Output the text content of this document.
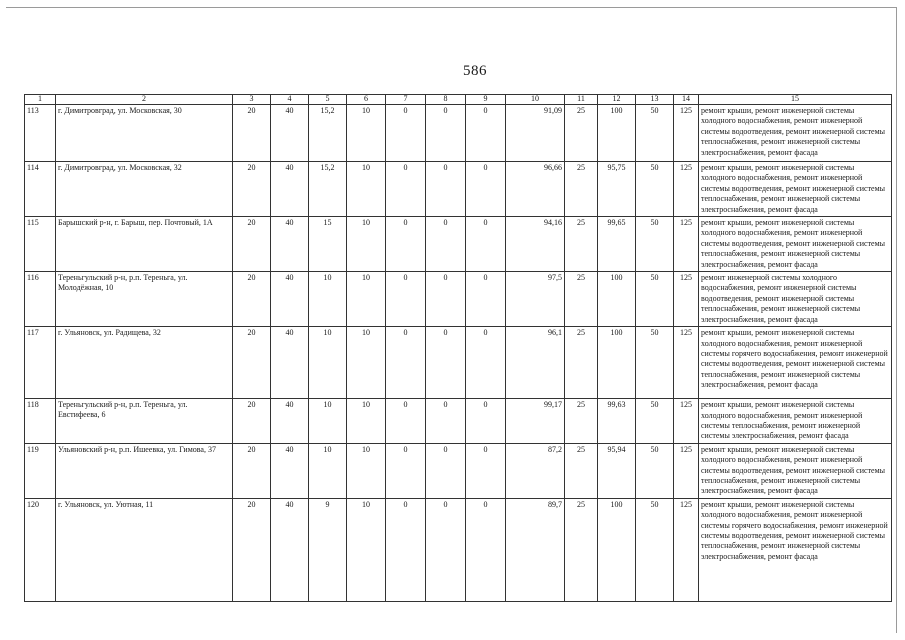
586
1	2	3	4	5	6	7	8	9	10	11	12	13	14	15
113	г. Димитровград, ул. Московская, 30	20	40	15,2	10	0	0	0	91,09	25	100	50	125	ремонт крыши, ремонт инженерной системы холодного водоснабжения, ремонт инженерной системы водоотведения, ремонт инженерной системы теплоснабжения, ремонт инженерной системы электроснабжения, ремонт фасада
114	г. Димитровград, ул. Московская, 32	20	40	15,2	10	0	0	0	96,66	25	95,75	50	125	ремонт крыши, ремонт инженерной системы холодного водоснабжения, ремонт инженерной системы водоотведения, ремонт инженерной системы теплоснабжения, ремонт инженерной системы электроснабжения, ремонт фасада
115	Барышский р-н, г. Барыш, пер. Почтовый, 1А	20	40	15	10	0	0	0	94,16	25	99,65	50	125	ремонт крыши, ремонт инженерной системы холодного водоснабжения, ремонт инженерной системы водоотведения, ремонт инженерной системы теплоснабжения, ремонт инженерной системы электроснабжения, ремонт фасада
116	Тереньгульский р-н, р.п. Тереньга, ул. Молодёжная, 10	20	40	10	10	0	0	0	97,5	25	100	50	125	ремонт инженерной системы холодного водоснабжения, ремонт инженерной системы водоотведения, ремонт инженерной системы теплоснабжения, ремонт инженерной системы электроснабжения, ремонт фасада
117	г. Ульяновск, ул. Радищева, 32	20	40	10	10	0	0	0	96,1	25	100	50	125	ремонт крыши, ремонт инженерной системы холодного водоснабжения, ремонт инженерной системы горячего водоснабжения, ремонт инженерной системы водоотведения, ремонт инженерной системы теплоснабжения, ремонт инженерной системы электроснабжения, ремонт фасада
118	Тереньгульский р-н, р.п. Тереньга, ул. Евстифеева, 6	20	40	10	10	0	0	0	99,17	25	99,63	50	125	ремонт крыши, ремонт инженерной системы холодного водоснабжения, ремонт инженерной системы теплоснабжения, ремонт инженерной системы электроснабжения, ремонт фасада
119	Ульяновский р-н, р.п. Ишеевка, ул. Гимова, 37	20	40	10	10	0	0	0	87,2	25	95,94	50	125	ремонт крыши, ремонт инженерной системы холодного водоснабжения, ремонт инженерной системы водоотведения, ремонт инженерной системы теплоснабжения, ремонт инженерной системы электроснабжения, ремонт фасада
120	г. Ульяновск, ул. Уютная, 11	20	40	9	10	0	0	0	89,7	25	100	50	125	ремонт крыши, ремонт инженерной системы холодного водоснабжения, ремонт инженерной системы горячего водоснабжения, ремонт инженерной системы водоотведения, ремонт инженерной системы теплоснабжения, ремонт инженерной системы электроснабжения, ремонт фасада
